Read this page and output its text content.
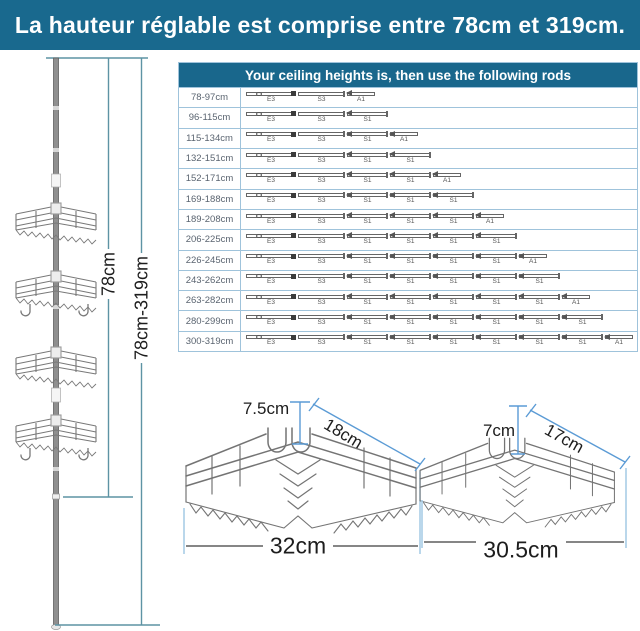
La hauteur réglable est comprise entre 78cm et 319cm.
78cm 78cm-319cm
Your ceiling heights is, then use the following rods
78-97cm	E3	S3	A1
96-115cm	E3	S3	S1
115-134cm	E3	S3	S1	A1
132-151cm	E3	S3	S1	S1
152-171cm	E3	S3	S1	S1	A1
169-188cm	E3	S3	S1	S1	S1
189-208cm	E3	S3	S1	S1	S1	A1
206-225cm	E3	S3	S1	S1	S1	S1
226-245cm	E3	S3	S1	S1	S1	S1	A1
243-262cm	E3	S3	S1	S1	S1	S1	S1
263-282cm	E3	S3	S1	S1	S1	S1	S1	A1
280-299cm	E3	S3	S1	S1	S1	S1	S1	S1
300-319cm	E3	S3	S1	S1	S1	S1	S1	S1	A1
7.5cm
18cm
32cm
7cm 17cm
30.5cm
